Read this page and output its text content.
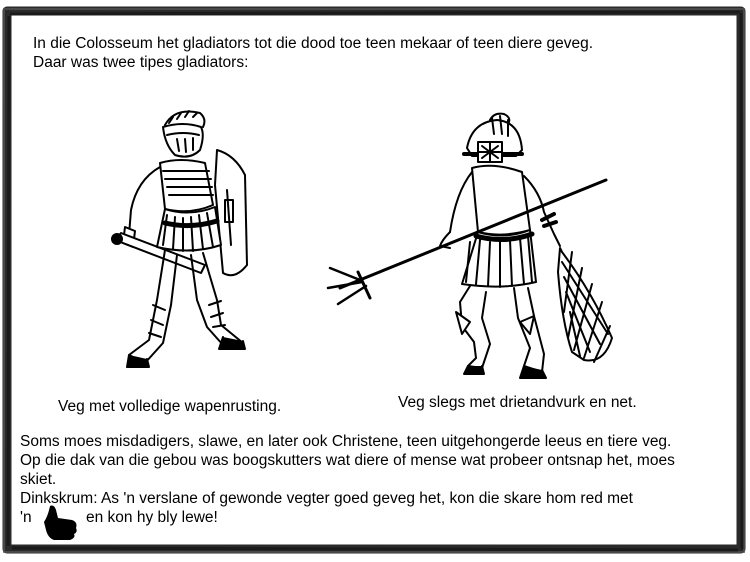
In die Colosseum het gladiators tot die dood toe teen mekaar of teen diere geveg.
Daar was twee tipes gladiators:
Veg met volledige wapenrusting.	Veg slegs met drietandvurk en net.
Soms moes misdadigers, slawe, en later ook Christene, teen uitgehongerde leeus en tiere veg.
Op die dak van die gebou was boogskutters wat diere of mense wat probeer ontsnap het, moes
skiet.
Dinkskrum: As 'n verslane of gewonde vegter goed geveg het, kon die skare hom red met
'n	en kon hy bly lewe!
